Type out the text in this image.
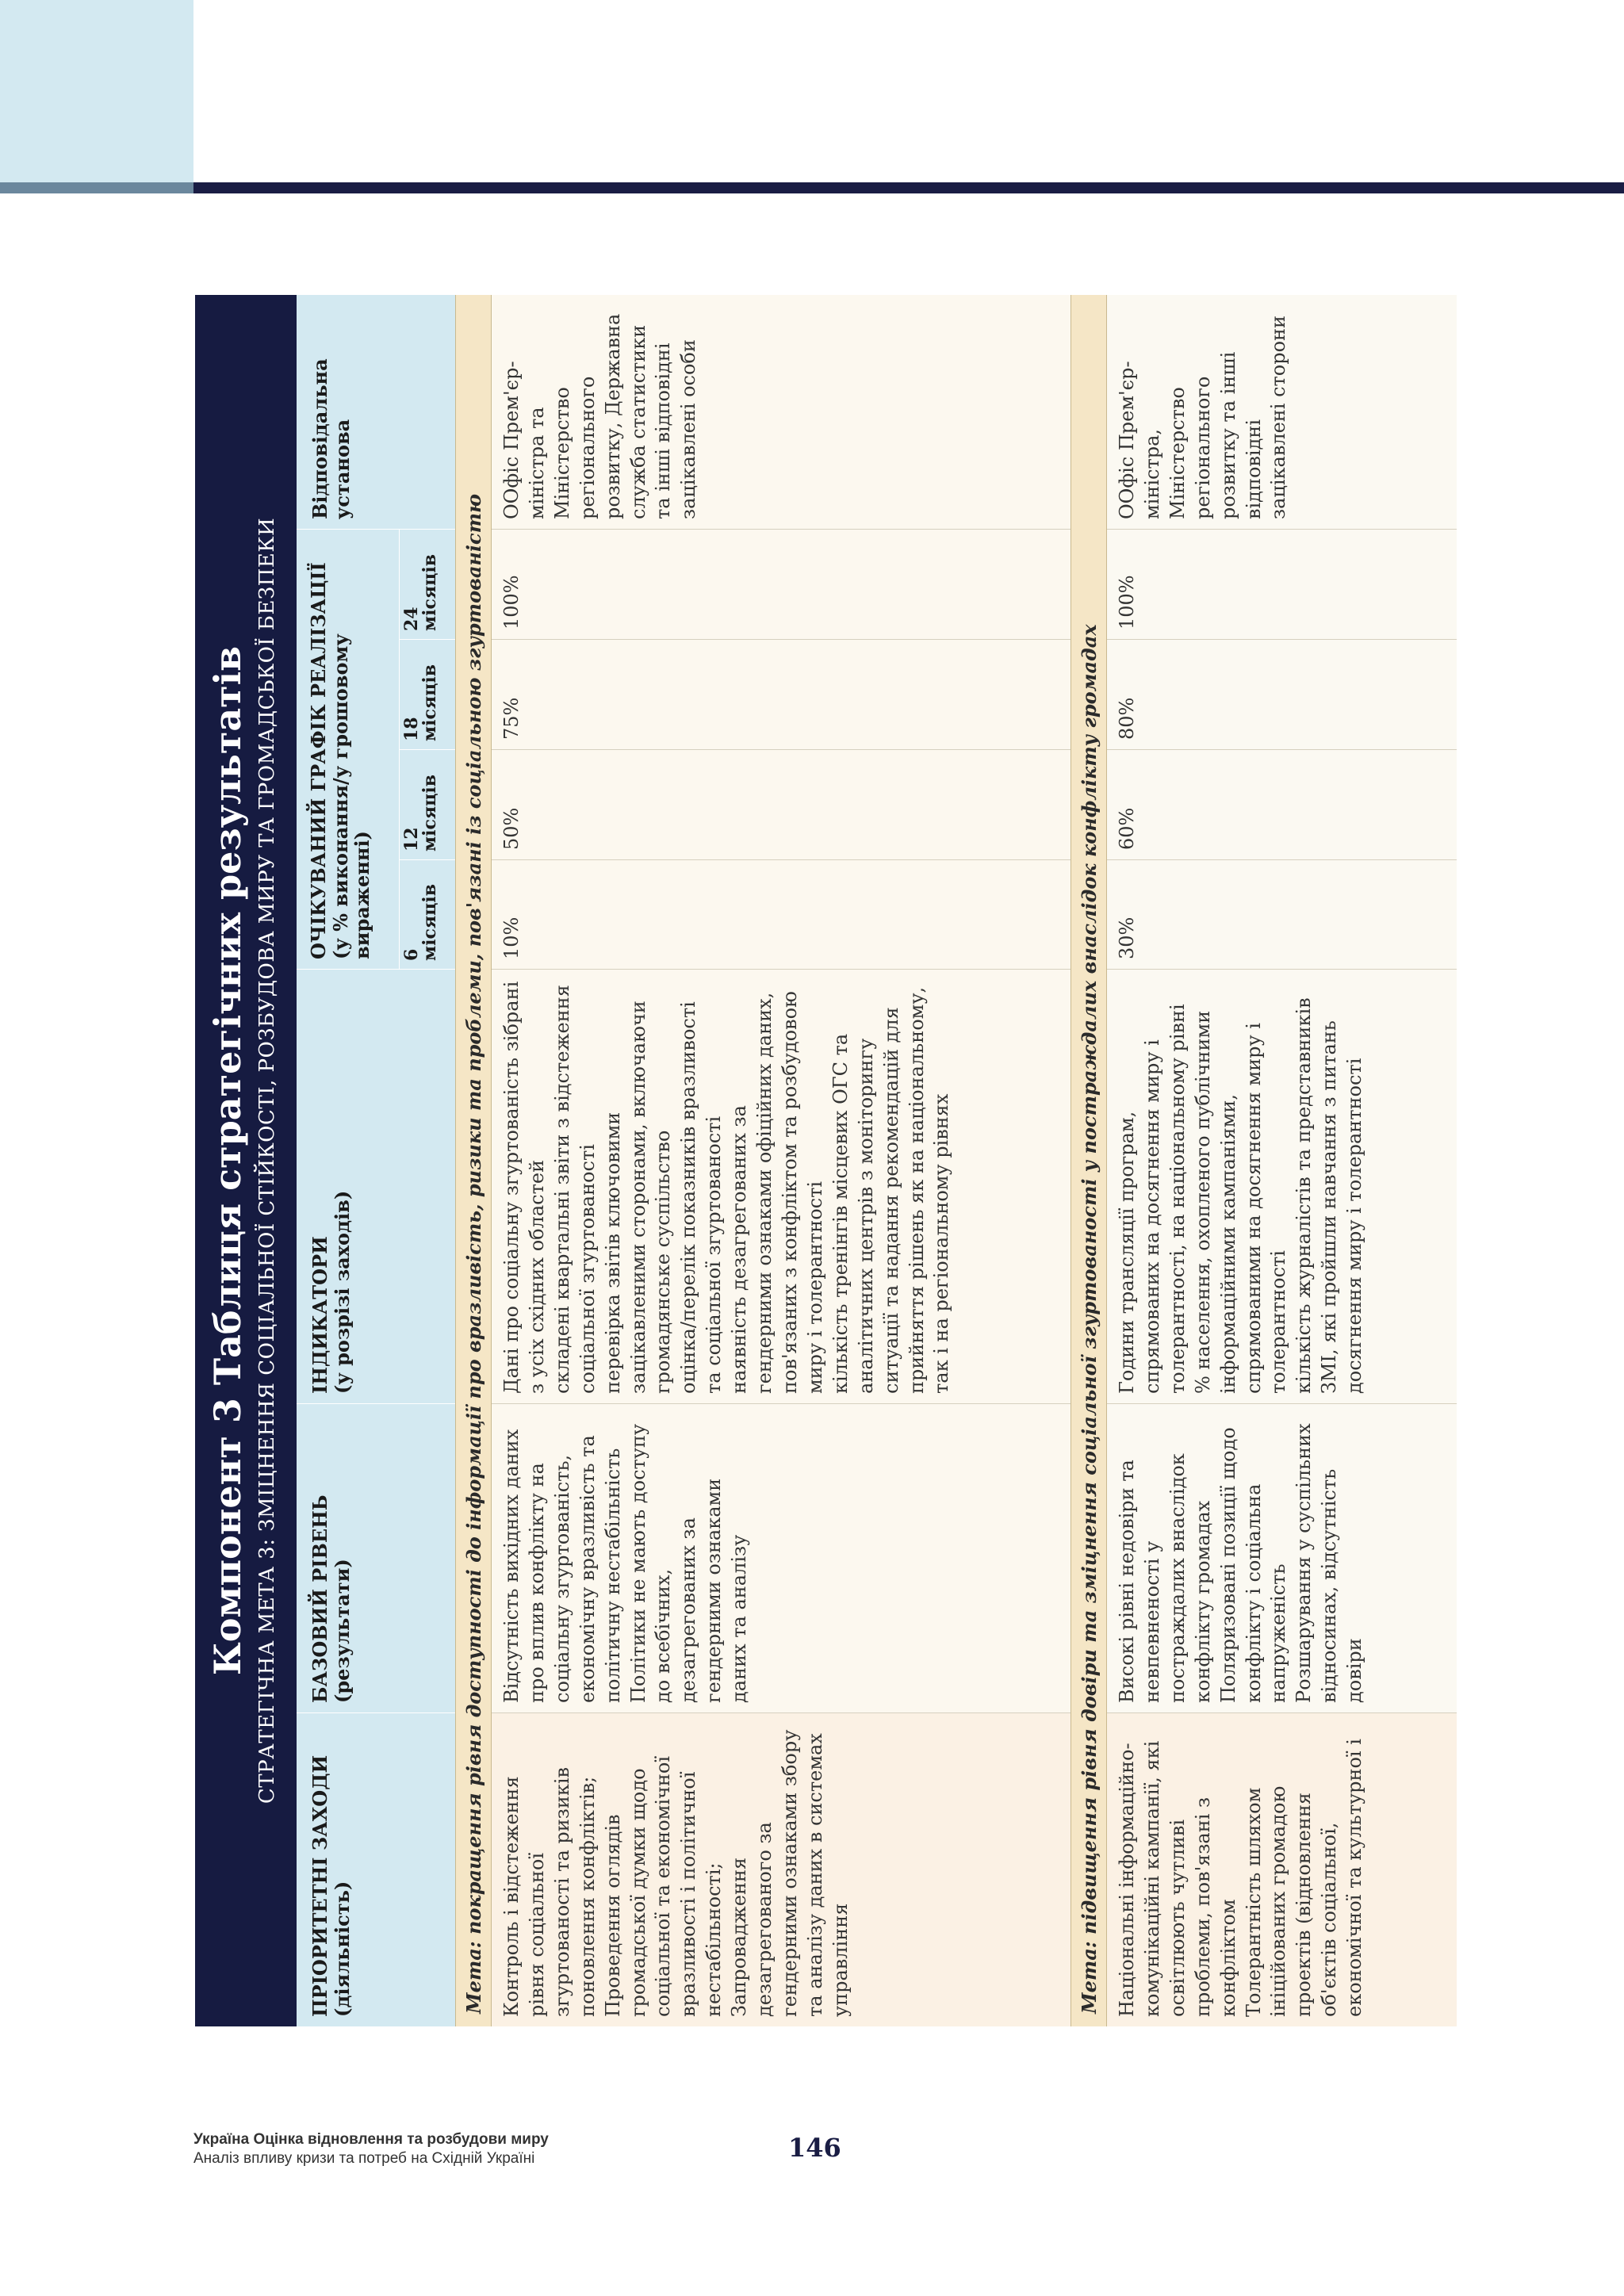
Компонент 3 Таблиця стратегічних результатів СТРАТЕГІЧНА МЕТА 3: ЗМІЦНЕННЯ СОЦІАЛЬНОЇ СТІЙКОСТІ, РОЗБУДОВА МИРУ ТА ГРОМАДСЬКОЇ БЕЗПЕКИ
ПРІОРИТЕТНІ ЗАХОДИ
(діяльність)
БАЗОВИЙ РІВЕНЬ
(результати)
ІНДИКАТОРИ
(у розрізі заходів)
ОЧІКУВАНИЙ ГРАФІК РЕАЛІЗАЦІЇ
(у % виконання/у грошовому вираженні) 6 місяців
12 місяців
18 місяців
24 місяців
Відповідальна установа
Мета: покращення рівня доступності до інформації про вразливість, ризики та проблеми, пов'язані із соціальною згуртованістю Контроль і відстеження рівня соціальної згуртованості та ризиків поновлення конфліктів; Проведення оглядів громадської думки щодо соціальної та економічної вразливості і політичної нестабільності; Запровадження дезагрегованого за гендерними ознаками збору та аналізу даних в системах управління

Відсутність вихідних даних про вплив конфлікту на соціальну згуртованість, економічну вразливість та політичну нестабільність Політики не мають доступу до всебічних, дезагрегованих за гендерними ознаками даних та аналізу

Дані про соціальну згуртованість зібрані з усіх східних областей складені квартальні звіти з відстеження соціальної згуртованості перевірка звітів ключовими зацікавленими сторонами, включаючи громадянське суспільство оцінка/перелік показників вразливості та соціальної згуртованості наявність дезагрегованих за гендерними ознаками офіційних даних, пов'язаних з конфліктом та розбудовою миру і толерантності кількість тренінгів місцевих ОГС та аналітичних центрів з моніторингу ситуації та надання рекомендацій для прийняття рішень як на національному, так і на регіональному рівнях

10%
50%
75%
100%
ООфіс Прем'єр-міністра та Міністерство регіонального розвитку, Державна служба статистики та інші відповідні зацікавлені особи
Мета: підвищення рівня довіри та зміцнення соціальної згуртованості у постраждалих внаслідок конфлікту громадах Національні інформаційно-комунікаційні кампанії, які освітлюють чутливі проблеми, пов'язані з конфліктом Толерантність шляхом ініційованих громадою проектів (відновлення об'єктів соціальної, економічної та культурної і

Високі рівні недовіри та невпевненості у постраждалих внаслідок конфлікту громадах Поляризовані позиції щодо конфлікту і соціальна напруженість Розшарування у суспільних відносинах, відсутність довіри

Години трансляції програм, спрямованих на досягнення миру і толерантності, на національному рівні % населення, охопленого публічними інформаційними кампаніями, спрямованими на досягнення миру і толерантності кількість журналістів та представників ЗМІ, які пройшли навчання з питань досягнення миру і толерантності

30%
60%
80%
100%
ООфіс Прем'єр-міністра, Міністерство регіонального розвитку та інші відповідні зацікавлені сторони
Україна Оцінка відновлення та розбудови миру
Аналіз впливу кризи та потреб на Східній Україні	146
